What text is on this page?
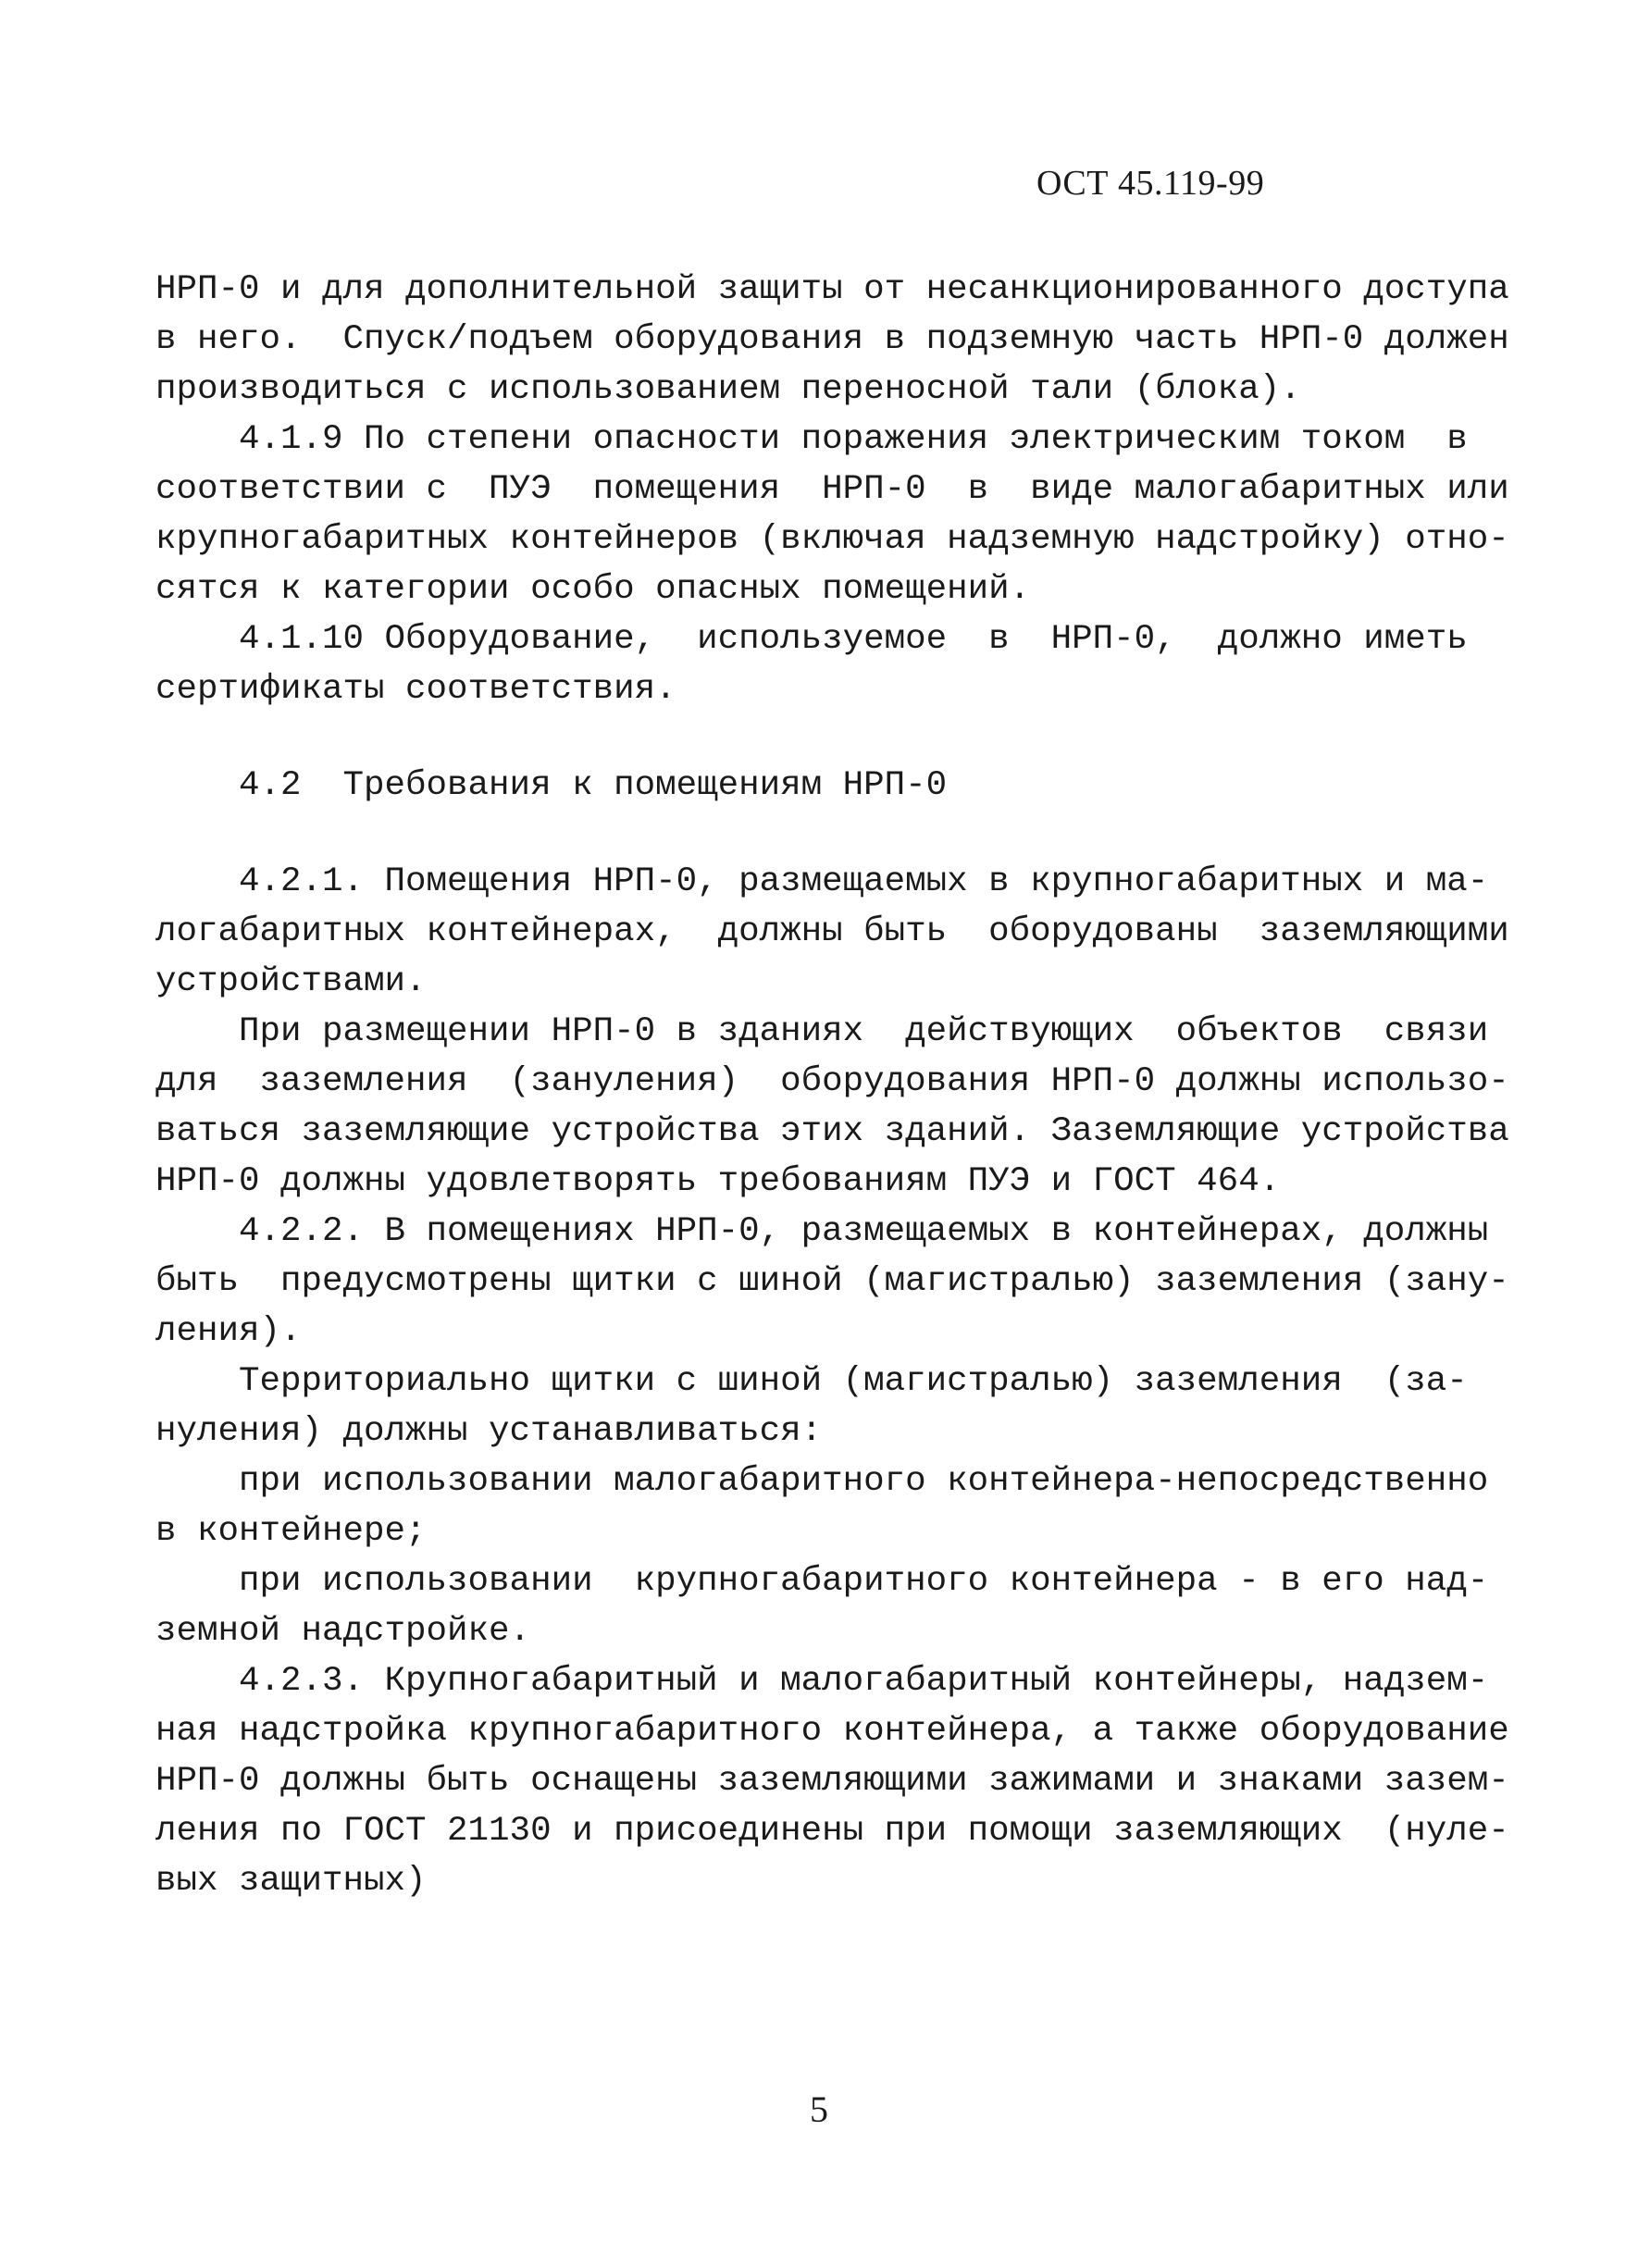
ОСТ 45.119-99
НРП-0 и для дополнительной защиты от несанкционированного доступа
в него.  Спуск/подъем оборудования в подземную часть НРП-0 должен
производиться с использованием переносной тали (блока).
4.1.9 По степени опасности поражения электрическим током  в
соответствии с  ПУЭ  помещения  НРП-0  в  виде малогабаритных или
крупногабаритных контейнеров (включая надземную надстройку) отно-
сятся к категории особо опасных помещений.
4.1.10 Оборудование,  используемое  в  НРП-0,  должно иметь
сертификаты соответствия.
4.2  Требования к помещениям НРП-0
4.2.1. Помещения НРП-0, размещаемых в крупногабаритных и ма-
логабаритных контейнерах,  должны быть  оборудованы  заземляющими
устройствами.
При размещении НРП-0 в зданиях  действующих  объектов  связи
для  заземления  (зануления)  оборудования НРП-0 должны использо-
ваться заземляющие устройства этих зданий. Заземляющие устройства
НРП-0 должны удовлетворять требованиям ПУЭ и ГОСТ 464.
4.2.2. В помещениях НРП-0, размещаемых в контейнерах, должны
быть  предусмотрены щитки с шиной (магистралью) заземления (зану-
ления).
Территориально щитки с шиной (магистралью) заземления  (за-
нуления) должны устанавливаться:
при использовании малогабаритного контейнера-непосредственно
в контейнере;
при использовании  крупногабаритного контейнера - в его над-
земной надстройке.
4.2.3. Крупногабаритный и малогабаритный контейнеры, надзем-
ная надстройка крупногабаритного контейнера, а также оборудование
НРП-0 должны быть оснащены заземляющими зажимами и знаками зазем-
ления по ГОСТ 21130 и присоединены при помощи заземляющих  (нуле-
вых защитных)
5
